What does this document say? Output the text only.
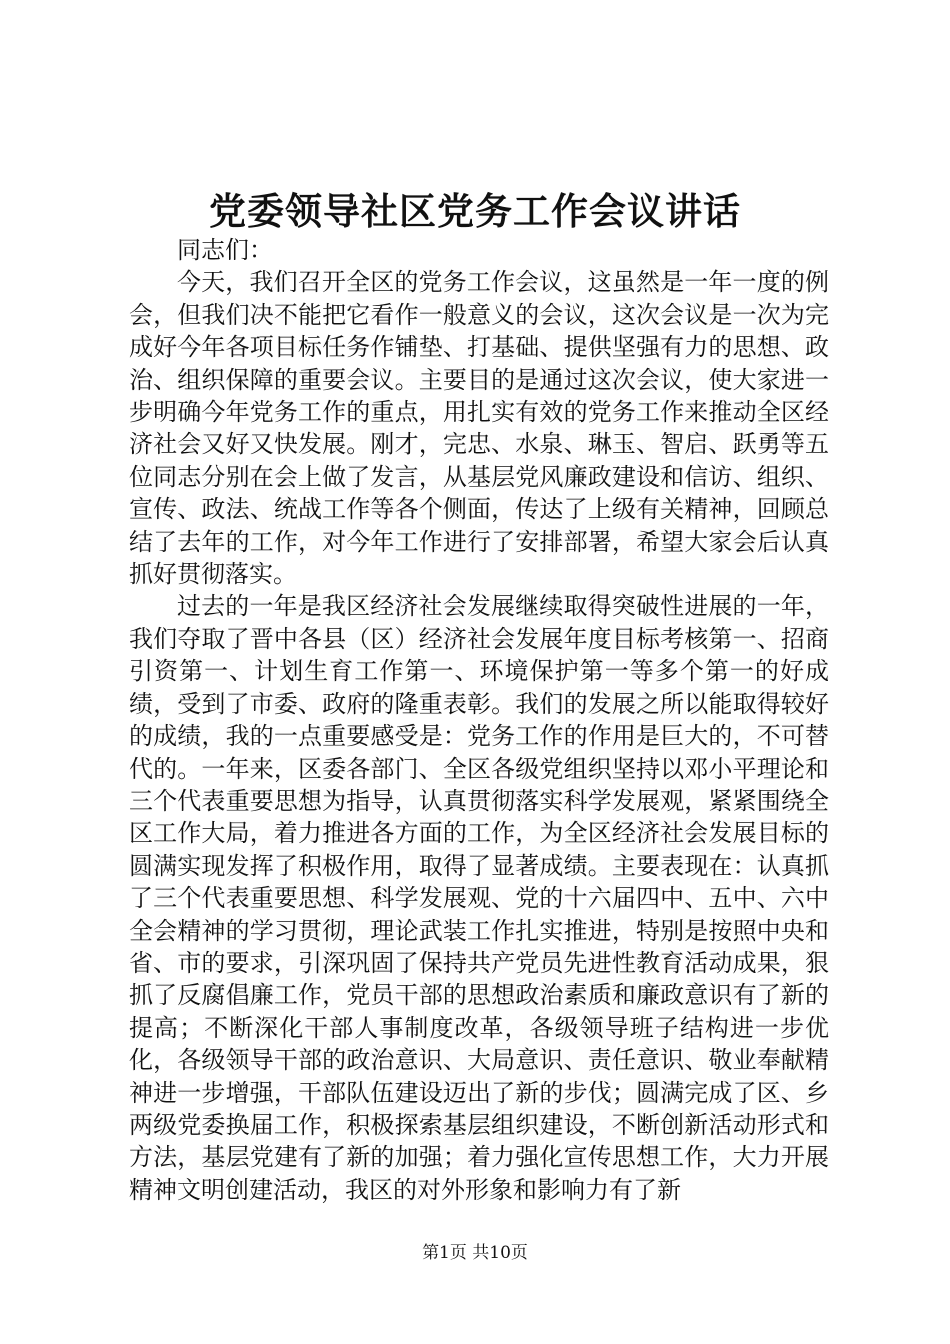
党委领导社区党务工作会议讲话

同志们：

今天，我们召开全区的党务工作会议，这虽然是一年一度的例会，但我们决不能把它看作一般意义的会议，这次会议是一次为完成好今年各项目标任务作铺垫、打基础、提供坚强有力的思想、政治、组织保障的重要会议。主要目的是通过这次会议，使大家进一步明确今年党务工作的重点，用扎实有效的党务工作来推动全区经济社会又好又快发展。刚才，完忠、水泉、琳玉、智启、跃勇等五位同志分别在会上做了发言，从基层党风廉政建设和信访、组织、宣传、政法、统战工作等各个侧面，传达了上级有关精神，回顾总结了去年的工作，对今年工作进行了安排部署，希望大家会后认真抓好贯彻落实。

过去的一年是我区经济社会发展继续取得突破性进展的一年，我们夺取了晋中各县（区）经济社会发展年度目标考核第一、招商引资第一、计划生育工作第一、环境保护第一等多个第一的好成绩，受到了市委、政府的隆重表彰。我们的发展之所以能取得较好的成绩，我的一点重要感受是：党务工作的作用是巨大的，不可替代的。一年来，区委各部门、全区各级党组织坚持以邓小平理论和三个代表重要思想为指导，认真贯彻落实科学发展观，紧紧围绕全区工作大局，着力推进各方面的工作，为全区经济社会发展目标的圆满实现发挥了积极作用，取得了显著成绩。主要表现在：认真抓了三个代表重要思想、科学发展观、党的十六届四中、五中、六中全会精神的学习贯彻，理论武装工作扎实推进，特别是按照中央和省、市的要求，引深巩固了保持共产党员先进性教育活动成果，狠抓了反腐倡廉工作，党员干部的思想政治素质和廉政意识有了新的提高；不断深化干部人事制度改革，各级领导班子结构进一步优化，各级领导干部的政治意识、大局意识、责任意识、敬业奉献精神进一步增强，干部队伍建设迈出了新的步伐；圆满完成了区、乡两级党委换届工作，积极探索基层组织建设，不断创新活动形式和方法，基层党建有了新的加强；着力强化宣传思想工作，大力开展精神文明创建活动，我区的对外形象和影响力有了新

第1页 共10页
